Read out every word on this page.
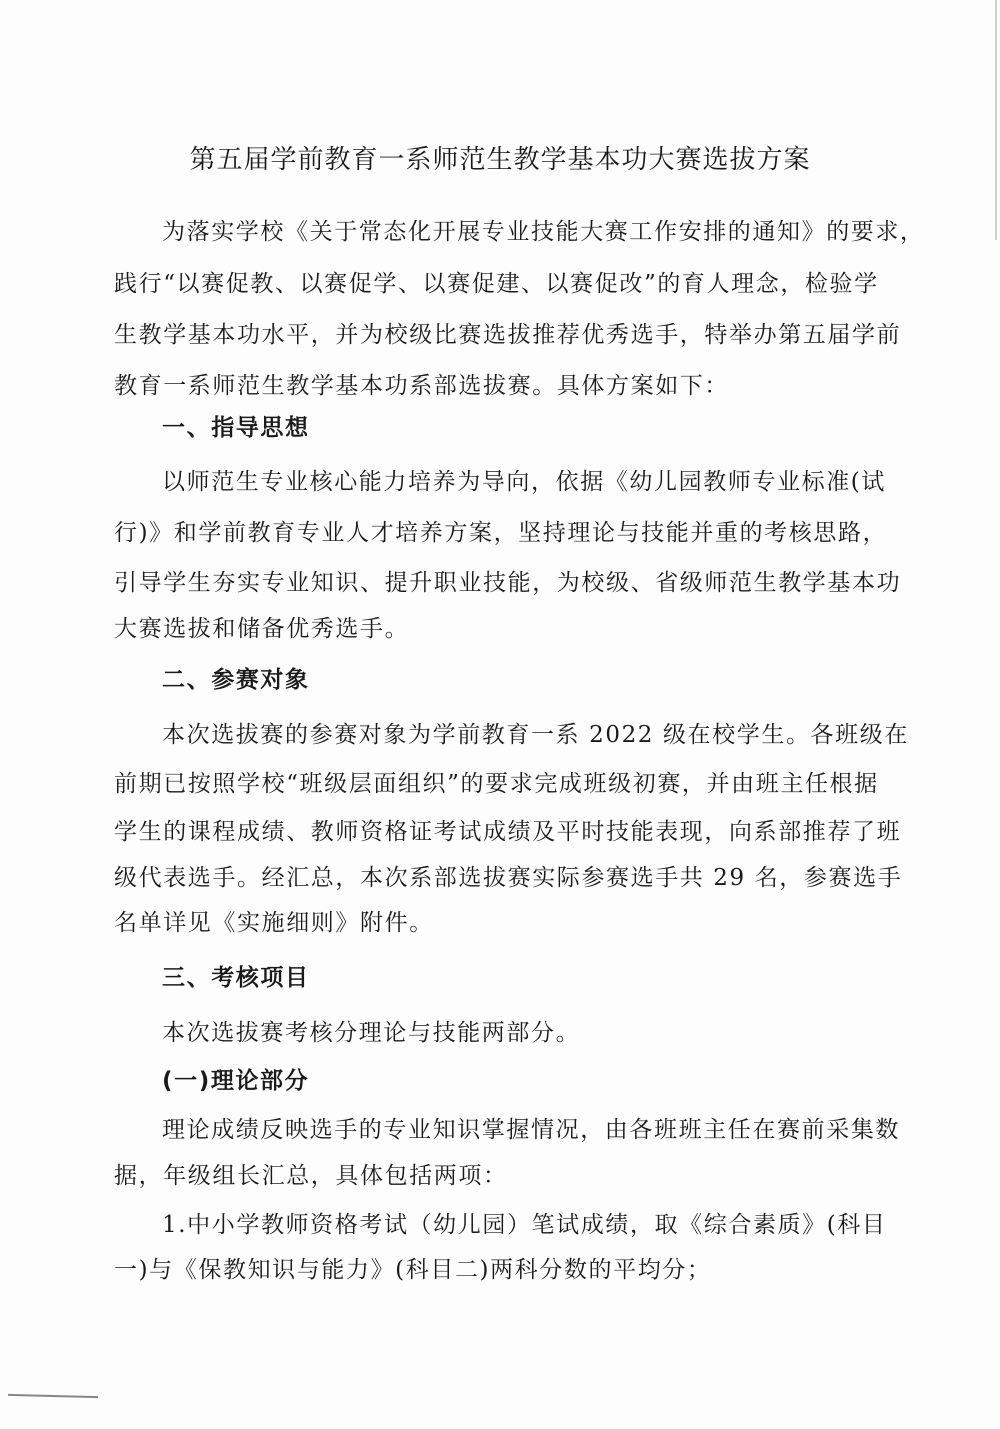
第五届学前教育一系师范生教学基本功大赛选拔方案
为落实学校《关于常态化开展专业技能大赛工作安排的通知》的要求，
践行“以赛促教、以赛促学、以赛促建、以赛促改”的育人理念，检验学
生教学基本功水平，并为校级比赛选拔推荐优秀选手，特举办第五届学前
教育一系师范生教学基本功系部选拔赛。具体方案如下：
一、指导思想
以师范生专业核心能力培养为导向，依据《幼儿园教师专业标准(试
行)》和学前教育专业人才培养方案，坚持理论与技能并重的考核思路，
引导学生夯实专业知识、提升职业技能，为校级、省级师范生教学基本功
大赛选拔和储备优秀选手。
二、参赛对象
本次选拔赛的参赛对象为学前教育一系 2022 级在校学生。各班级在
前期已按照学校“班级层面组织”的要求完成班级初赛，并由班主任根据
学生的课程成绩、教师资格证考试成绩及平时技能表现，向系部推荐了班
级代表选手。经汇总，本次系部选拔赛实际参赛选手共 29 名，参赛选手
名单详见《实施细则》附件。
三、考核项目
本次选拔赛考核分理论与技能两部分。
(一)理论部分
理论成绩反映选手的专业知识掌握情况，由各班班主任在赛前采集数
据，年级组长汇总，具体包括两项：
1.中小学教师资格考试（幼儿园）笔试成绩，取《综合素质》(科目
一)与《保教知识与能力》(科目二)两科分数的平均分；
